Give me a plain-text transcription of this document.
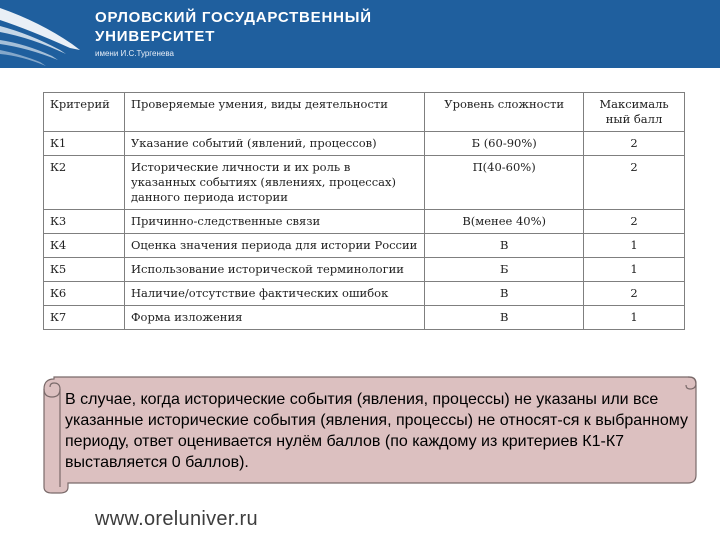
ОРЛОВСКИЙ ГОСУДАРСТВЕННЫЙ
УНИВЕРСИТЕТ
имени И.С.Тургенева
Критерий	Проверяемые умения, виды деятельности	Уровень сложности	Максималь ный балл
К1	Указание событий (явлений, процессов)	Б (60-90%)	2
К2	Исторические личности и их роль в указанных событиях (явлениях, процессах) данного периода истории	П(40-60%)	2
К3	Причинно-следственные связи	В(менее 40%)	2
К4	Оценка значения периода для истории России	В	1
К5	Использование исторической терминологии	Б	1
К6	Наличие/отсутствие фактических ошибок	В	2
К7	Форма изложения	В	1
В случае, когда исторические события (явления, процессы) не указаны или все указанные исторические события (явления, процессы) не относят-ся к выбранному периоду, ответ оценивается нулём баллов (по каждому из критериев К1-К7 выставляется 0 баллов).
www.oreluniver.ru
